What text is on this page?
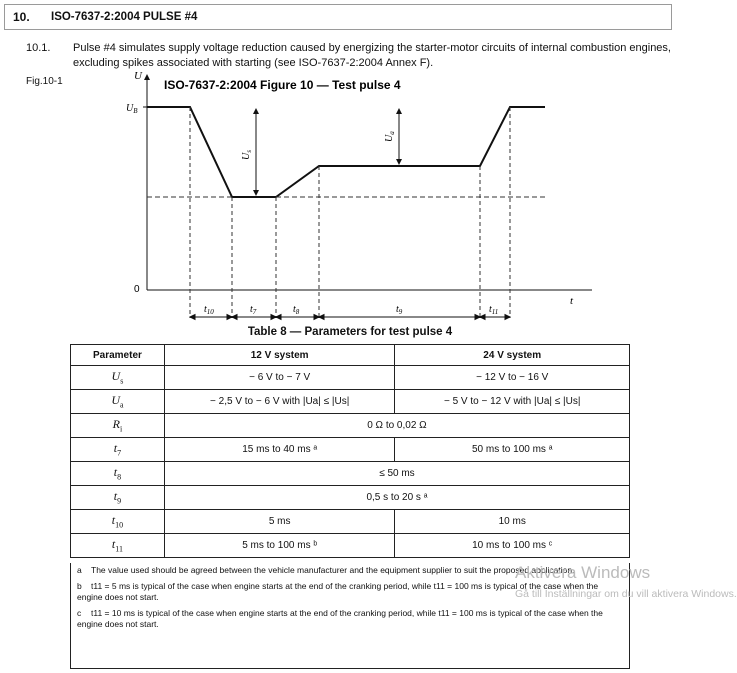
10.	ISO-7637-2:2004 PULSE #4
10.1. Pulse #4 simulates supply voltage reduction caused by energizing the starter-motor circuits of internal combustion engines, excluding spikes associated with starting (see ISO-7637-2:2004 Annex F).
Fig.10-1	ISO-7637-2:2004 Figure 10 — Test pulse 4
U
$U_B$
0
t
$U_s$
$U_a$
$t_{10}$	$t_7$	$t_8$	$t_9$	$t_{11}$
Table 8 — Parameters for test pulse 4
Parameter	12 V system	24 V system
$U_s$	− 6 V to − 7 V	− 12 V to − 16 V
$U_a$	− 2,5 V to − 6 V with |Ua| ≤ |Us|	− 5 V to − 12 V with |Ua| ≤ |Us|
$R_i$	0 Ω to 0,02 Ω	
$t_7$	15 ms to 40 ms ᵃ	50 ms to 100 ms ᵃ
$t_8$	≤ 50 ms	
$t_9$	0,5 s to 20 s ᵃ	
$t_{10}$	5 ms	10 ms
$t_{11}$	5 ms to 100 ms ᵇ	10 ms to 100 ms ᶜ
a The value used should be agreed between the vehicle manufacturer and the equipment supplier to suit the proposed application.
b t11 = 5 ms is typical of the case when engine starts at the end of the cranking period, while t11 = 100 ms is typical of the case when the engine does not start.
c t11 = 10 ms is typical of the case when engine starts at the end of the cranking period, while t11 = 100 ms is typical of the case when the engine does not start.
Aktivera Windows
Gå till Inställningar om du vill aktivera Windows.
